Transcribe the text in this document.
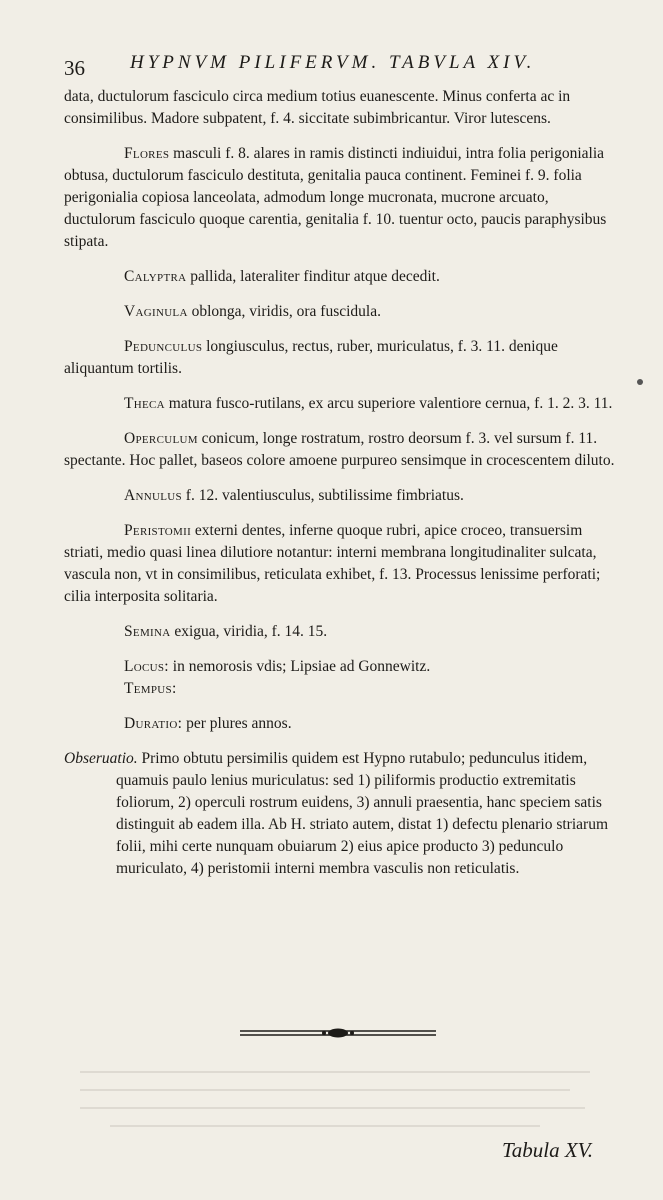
36 HYPNVM PILIFERVM. TABVLA XIV.

data, ductulorum fasciculo circa medium totius euanescente. Minus conferta ac in consimilibus. Madore subpatent, f. 4. siccitate subimbricantur. Viror lutescens.

Flores masculi f. 8. alares in ramis distincti indiuidui, intra folia perigonialia obtusa, ductulorum fasciculo destituta, genitalia pauca continent. Feminei f. 9. folia perigonialia copiosa lanceolata, admodum longe mucronata, mucrone arcuato, ductulorum fasciculo quoque carentia, genitalia f. 10. tuentur octo, paucis paraphysibus stipata.

Calyptra pallida, lateraliter finditur atque decedit.

Vaginula oblonga, viridis, ora fuscidula.

Pedunculus longiusculus, rectus, ruber, muriculatus, f. 3. 11. denique aliquantum tortilis.

Theca matura fusco-rutilans, ex arcu superiore valentiore cernua, f. 1. 2. 3. 11.

Operculum conicum, longe rostratum, rostro deorsum f. 3. vel sursum f. 11. spectante. Hoc pallet, baseos colore amoene purpureo sensimque in crocescentem diluto.

Annulus f. 12. valentiusculus, subtilissime fimbriatus.

Peristomii externi dentes, inferne quoque rubri, apice croceo, transuersim striati, medio quasi linea dilutiore notantur: interni membrana longitudinaliter sulcata, vascula non, vt in consimilibus, reticulata exhibet, f. 13. Processus lenissime perforati; cilia interposita solitaria.

Semina exigua, viridia, f. 14. 15.

Locus: in nemorosis vdis; Lipsiae ad Gonnewitz.

Tempus:

Duratio: per plures annos.

Obseruatio. Primo obtutu persimilis quidem est Hypno rutabulo; pedunculus itidem, quamuis paulo lenius muriculatus: sed 1) piliformis productio extremitatis foliorum, 2) operculi rostrum euidens, 3) annuli praesentia, hanc speciem satis distinguit ab eadem illa. Ab H. striato autem, distat 1) defectu plenario striarum folii, mihi certe nunquam obuiarum 2) eius apice producto 3) pedunculo muriculato, 4) peristomii interni membra vasculis non reticulatis.

Tabula XV.
